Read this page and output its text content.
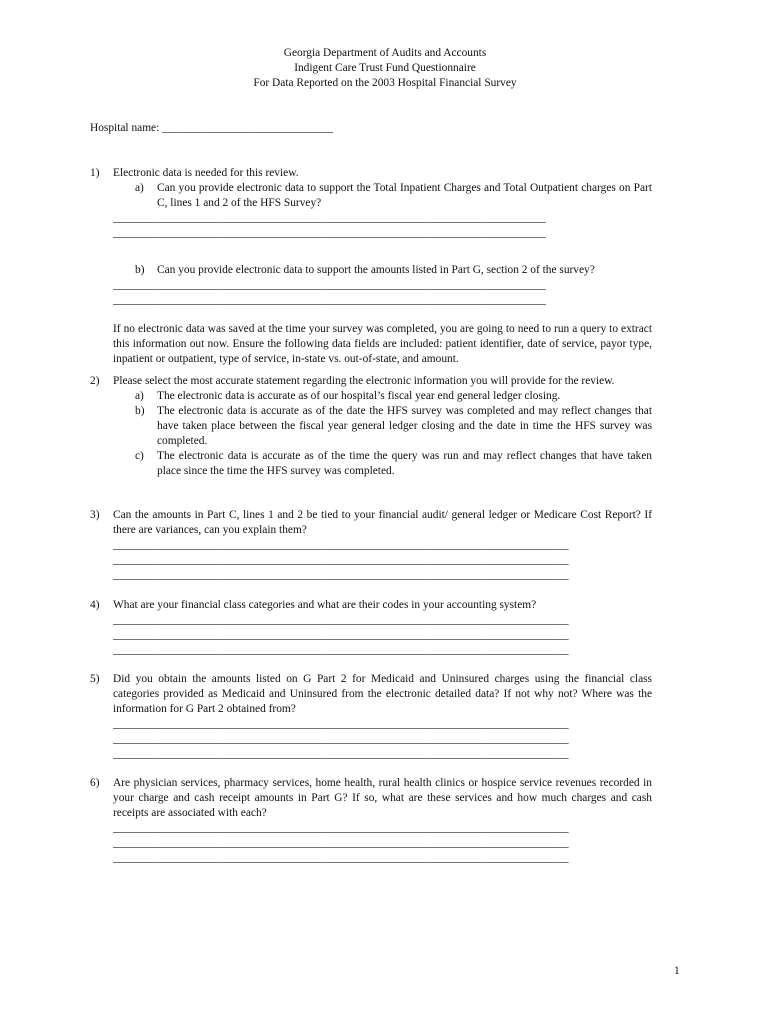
Georgia Department of Audits and Accounts
Indigent Care Trust Fund Questionnaire
For Data Reported on the 2003 Hospital Financial Survey
Hospital name: ______________________________
1)	Electronic data is needed for this review.
a) Can you provide electronic data to support the Total Inpatient Charges and Total Outpatient charges on Part C, lines 1 and 2 of the HFS Survey?
____________________________________________________________________________
____________________________________________________________________________
b) Can you provide electronic data to support the amounts listed in Part G, section 2 of the survey?
____________________________________________________________________________
____________________________________________________________________________
If no electronic data was saved at the time your survey was completed, you are going to need to run a query to extract this information out now. Ensure the following data fields are included: patient identifier, date of service, payor type, inpatient or outpatient, type of service, in-state vs. out-of-state, and amount.
2)	Please select the most accurate statement regarding the electronic information you will provide for the review.
a) The electronic data is accurate as of our hospital’s fiscal year end general ledger closing.
b) The electronic data is accurate as of the date the HFS survey was completed and may reflect changes that have taken place between the fiscal year general ledger closing and the date in time the HFS survey was completed.
c) The electronic data is accurate as of the time the query was run and may reflect changes that have taken place since the time the HFS survey was completed.
3)	Can the amounts in Part C, lines 1 and 2 be tied to your financial audit/ general ledger or Medicare Cost Report? If there are variances, can you explain them?
________________________________________________________________________________
________________________________________________________________________________
________________________________________________________________________________
4)	What are your financial class categories and what are their codes in your accounting system?
________________________________________________________________________________
________________________________________________________________________________
________________________________________________________________________________
5)	Did you obtain the amounts listed on G Part 2 for Medicaid and Uninsured charges using the financial class categories provided as Medicaid and Uninsured from the electronic detailed data? If not why not? Where was the information for G Part 2 obtained from?
________________________________________________________________________________
________________________________________________________________________________
________________________________________________________________________________
6)	Are physician services, pharmacy services, home health, rural health clinics or hospice service revenues recorded in your charge and cash receipt amounts in Part G? If so, what are these services and how much charges and cash receipts are associated with each?
________________________________________________________________________________
________________________________________________________________________________
________________________________________________________________________________
1
